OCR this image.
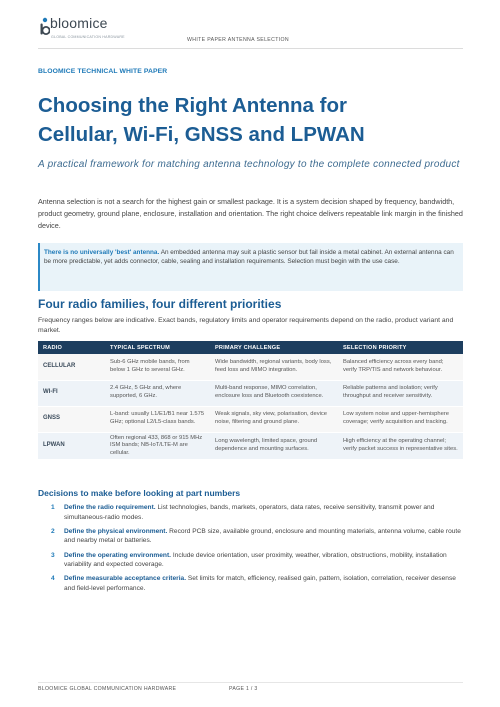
bloomice
GLOBAL COMMUNICATION HARDWARE	WHITE PAPER ANTENNA SELECTION
BLOOMICE TECHNICAL WHITE PAPER
Choosing the Right Antenna for
Cellular, Wi-Fi, GNSS and LPWAN

A practical framework for matching antenna technology to the complete connected product

Antenna selection is not a search for the highest gain or smallest package. It is a system decision shaped by frequency, bandwidth, product geometry, ground plane, enclosure, installation and orientation. The right choice delivers repeatable link margin in the finished device.

There is no universally 'best' antenna. An embedded antenna may suit a plastic sensor but fail inside a metal cabinet. An external antenna can be more predictable, yet adds connector, cable, sealing and installation requirements. Selection must begin with the use case.

Four radio families, four different priorities

Frequency ranges below are indicative. Exact bands, regulatory limits and operator requirements depend on the radio, product variant and market.

RADIO	TYPICAL SPECTRUM	PRIMARY CHALLENGE	SELECTION PRIORITY
CELLULAR	Sub-6 GHz mobile bands, from below 1 GHz to several GHz.	Wide bandwidth, regional variants, body loss, feed loss and MIMO integration.	Balanced efficiency across every band; verify TRP/TIS and network behaviour.
WI-FI	2.4 GHz, 5 GHz and, where supported, 6 GHz.	Multi-band response, MIMO correlation, enclosure loss and Bluetooth coexistence.	Reliable patterns and isolation; verify throughput and receiver sensitivity.
GNSS	L-band: usually L1/E1/B1 near 1.575 GHz; optional L2/L5-class bands.	Weak signals, sky view, polarisation, device noise, filtering and ground plane.	Low system noise and upper-hemisphere coverage; verify acquisition and tracking.
LPWAN	Often regional 433, 868 or 915 MHz ISM bands; NB-IoT/LTE-M are cellular.	Long wavelength, limited space, ground dependence and mounting surfaces.	High efficiency at the operating channel; verify packet success in representative sites.
Decisions to make before looking at part numbers
1 Define the radio requirement. List technologies, bands, markets, operators, data rates, receive sensitivity, transmit power and simultaneous-radio modes.
2 Define the physical environment. Record PCB size, available ground, enclosure and mounting materials, antenna volume, cable route and nearby metal or batteries.
3 Define the operating environment. Include device orientation, user proximity, weather, vibration, obstructions, mobility, installation variability and expected coverage.
4 Define measurable acceptance criteria. Set limits for match, efficiency, realised gain, pattern, isolation, correlation, receiver desense and field-level performance.
BLOOMICE GLOBAL COMMUNICATION HARDWARE	PAGE 1 / 3
